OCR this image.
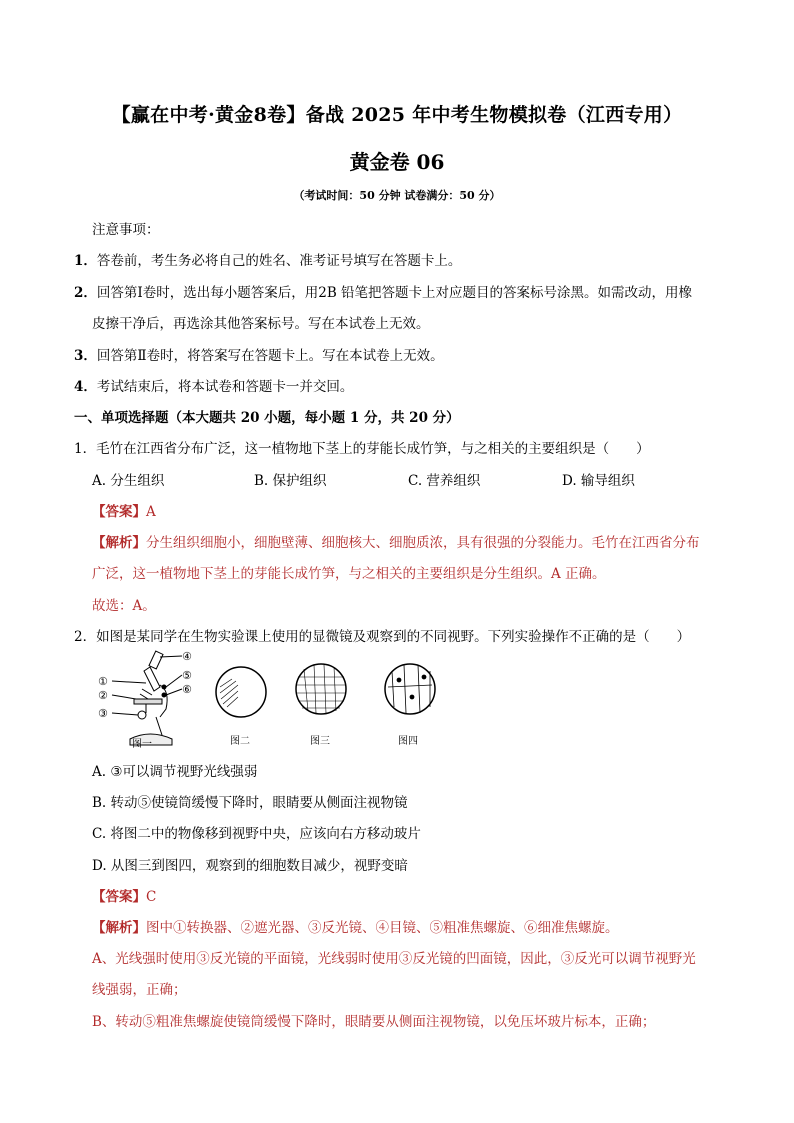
【赢在中考·黄金8卷】备战 2025 年中考生物模拟卷（江西专用）
黄金卷 06
（考试时间：50 分钟 试卷满分：50 分）
注意事项：
1．答卷前，考生务必将自己的姓名、准考证号填写在答题卡上。
2．回答第Ⅰ卷时，选出每小题答案后，用2B 铅笔把答题卡上对应题目的答案标号涂黑。如需改动，用橡
皮擦干净后，再选涂其他答案标号。写在本试卷上无效。
3．回答第Ⅱ卷时，将答案写在答题卡上。写在本试卷上无效。
4．考试结束后，将本试卷和答题卡一并交回。
一、单项选择题（本大题共 20 小题，每小题 1 分，共 20 分）
1．毛竹在江西省分布广泛，这一植物地下茎上的芽能长成竹笋，与之相关的主要组织是（　　）
A. 分生组织	B. 保护组织	C. 营养组织	D. 输导组织
【答案】A
【解析】分生组织细胞小，细胞壁薄、细胞核大、细胞质浓，具有很强的分裂能力。毛竹在江西省分布
广泛，这一植物地下茎上的芽能长成竹笋，与之相关的主要组织是分生组织。A 正确。
故选：A。
2．如图是某同学在生物实验课上使用的显微镜及观察到的不同视野。下列实验操作不正确的是（　　）
①
②
③
④
⑤
⑥
图一	图二	图三	图四
A. ③可以调节视野光线强弱
B. 转动⑤使镜筒缓慢下降时，眼睛要从侧面注视物镜
C. 将图二中的物像移到视野中央，应该向右方移动玻片
D. 从图三到图四，观察到的细胞数目减少，视野变暗
【答案】C
【解析】图中①转换器、②遮光器、③反光镜、④目镜、⑤粗准焦螺旋、⑥细准焦螺旋。
A、光线强时使用③反光镜的平面镜，光线弱时使用③反光镜的凹面镜，因此，③反光可以调节视野光
线强弱，正确；
B、转动⑤粗准焦螺旋使镜筒缓慢下降时，眼睛要从侧面注视物镜，以免压坏玻片标本，正确；
